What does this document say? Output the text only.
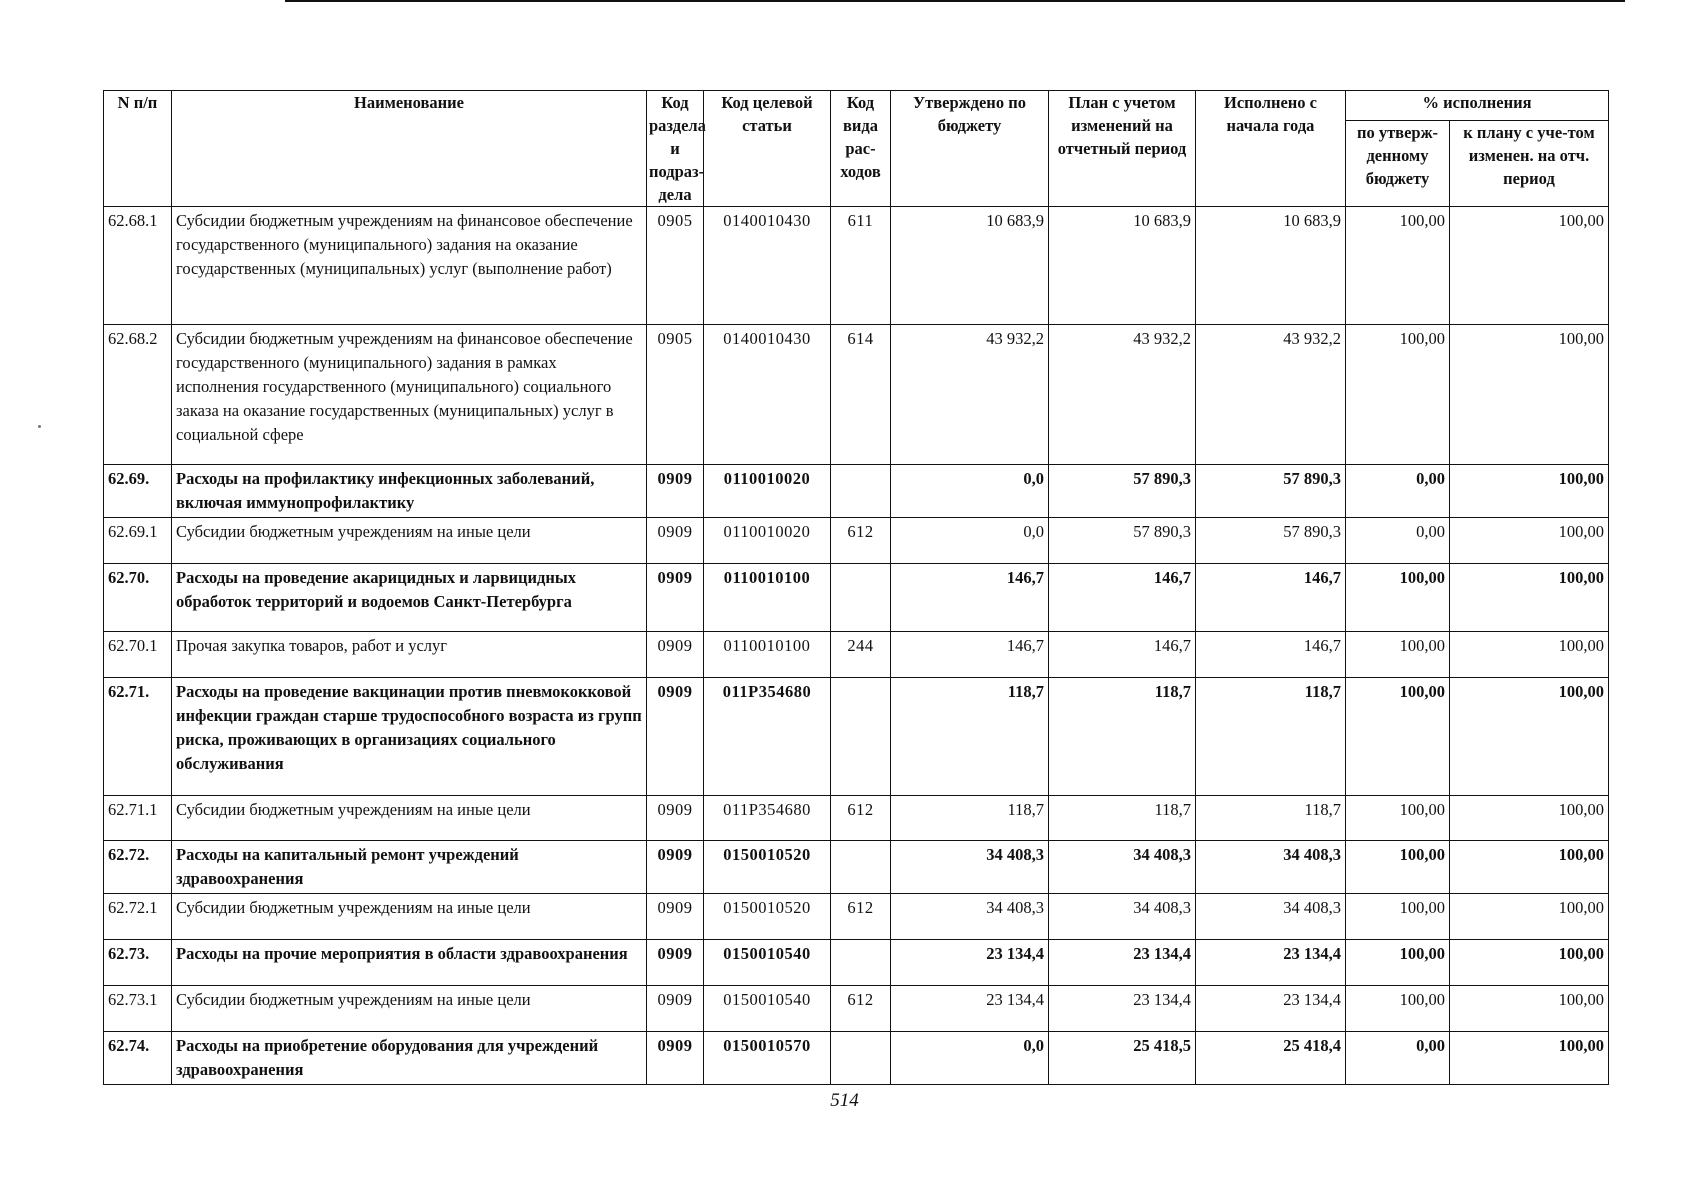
N п/п	Наименование	Код раздела и подраз-дела	Код целевой статьи	Код вида рас-ходов	Утверждено по бюджету	План с учетом изменений на отчетный период	Исполнено с начала года	% исполнения	
								по утверж-денному бюджету	к плану с уче-том изменен. на отч. период
62.68.1	Субсидии бюджетным учреждениям на финансовое обеспечение государственного (муниципального) задания на оказание государственных (муниципальных) услуг (выполнение работ)	0905	0140010430	611	10 683,9	10 683,9	10 683,9	100,00	100,00
62.68.2	Субсидии бюджетным учреждениям на финансовое обеспечение государственного (муниципального) задания в рамках исполнения государственного (муниципального) социального заказа на оказание государственных (муниципальных) услуг в социальной сфере	0905	0140010430	614	43 932,2	43 932,2	43 932,2	100,00	100,00
62.69.	Расходы на профилактику инфекционных заболеваний, включая иммунопрофилактику	0909	0110010020		0,0	57 890,3	57 890,3	0,00	100,00
62.69.1	Субсидии бюджетным учреждениям на иные цели	0909	0110010020	612	0,0	57 890,3	57 890,3	0,00	100,00
62.70.	Расходы на проведение акарицидных и ларвицидных обработок территорий и водоемов Санкт-Петербурга	0909	0110010100		146,7	146,7	146,7	100,00	100,00
62.70.1	Прочая закупка товаров, работ и услуг	0909	0110010100	244	146,7	146,7	146,7	100,00	100,00
62.71.	Расходы на проведение вакцинации против пневмококковой инфекции граждан старше трудоспособного возраста из групп риска, проживающих в организациях социального обслуживания	0909	011Р354680		118,7	118,7	118,7	100,00	100,00
62.71.1	Субсидии бюджетным учреждениям на иные цели	0909	011Р354680	612	118,7	118,7	118,7	100,00	100,00
62.72.	Расходы на капитальный ремонт учреждений здравоохранения	0909	0150010520		34 408,3	34 408,3	34 408,3	100,00	100,00
62.72.1	Субсидии бюджетным учреждениям на иные цели	0909	0150010520	612	34 408,3	34 408,3	34 408,3	100,00	100,00
62.73.	Расходы на прочие мероприятия в области здравоохранения	0909	0150010540		23 134,4	23 134,4	23 134,4	100,00	100,00
62.73.1	Субсидии бюджетным учреждениям на иные цели	0909	0150010540	612	23 134,4	23 134,4	23 134,4	100,00	100,00
62.74.	Расходы на приобретение оборудования для учреждений здравоохранения	0909	0150010570		0,0	25 418,5	25 418,4	0,00	100,00
514
